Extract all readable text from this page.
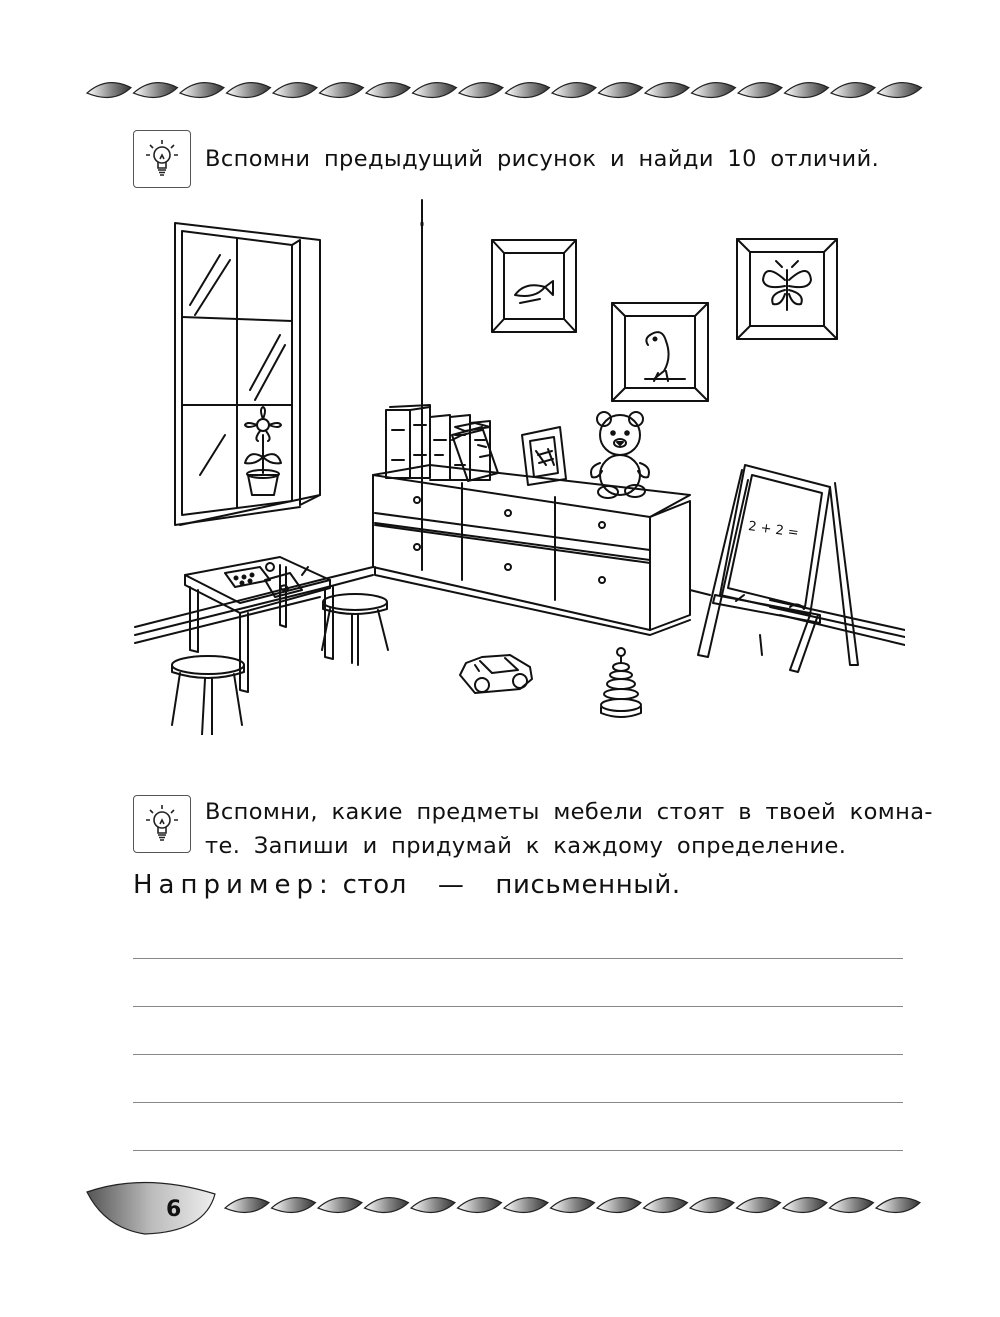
Вспомни предыдущий рисунок и найди 10 отличий.
2 + 2 =
Вспомни, какие предметы мебели стоят в твоей комна-
те. Запиши и придумай к каждому определение.
Например: стол — письменный.
6
